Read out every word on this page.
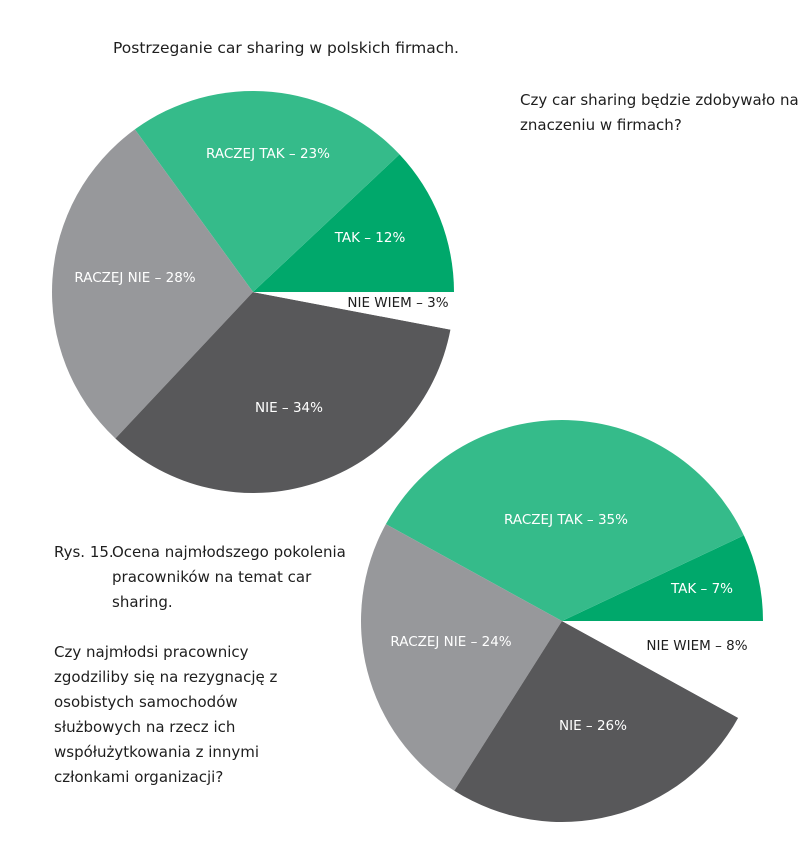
Postrzeganie car sharing w polskich firmach.
Czy car sharing będzie zdobywało na znaczeniu w firmach?
Rys. 15.
Ocena najmłodszego pokolenia pracowników na temat car sharing.
Czy najmłodsi pracownicy zgodziliby się na rezygnację z osobistych samochodów służbowych na rzecz ich współużytkowania z innymi członkami organizacji?
TAK – 12%
RACZEJ TAK – 23%
RACZEJ NIE – 28%
NIE – 34%
NIE WIEM – 3%
TAK – 7%
RACZEJ TAK – 35%
RACZEJ NIE – 24%
NIE – 26%
NIE WIEM – 8%
